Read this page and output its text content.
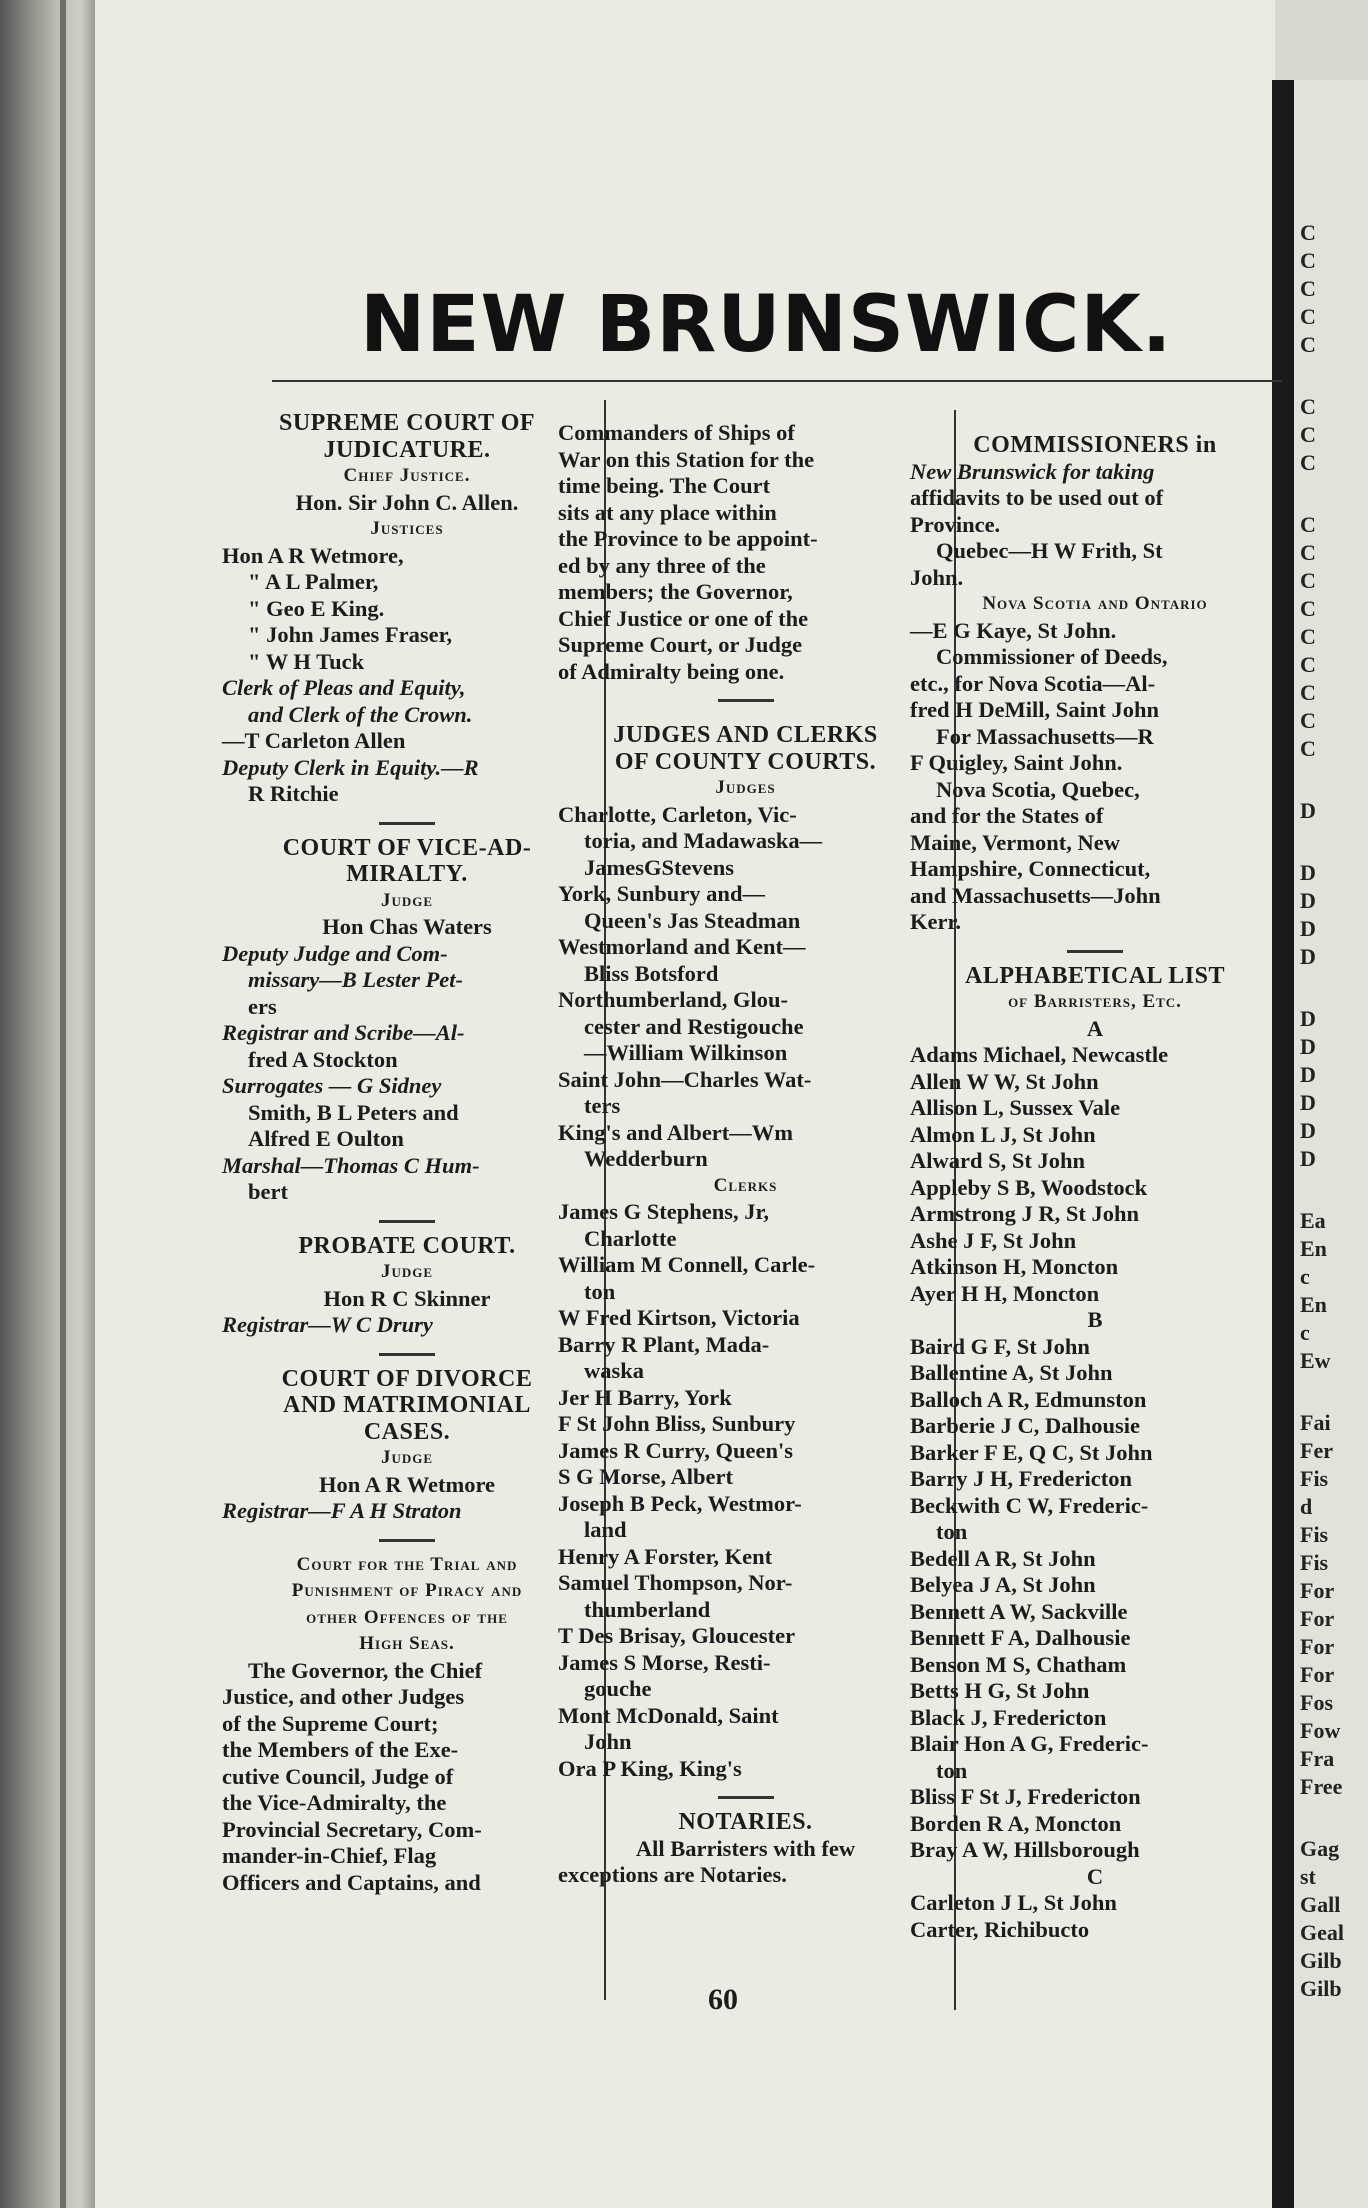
C
C
C
C
C
C
C
C
C
C
C
C
C
C
C
C
C
D
D
D
D
D
D
D
D
D
D
D
Ea
En
c
En
c
Ew
Fai
Fer
Fis
d
Fis
Fis
For
For
For
For
Fos
Fow
Fra
Free
Gag
st
Gall
Geal
Gilb
Gilb
NEW BRUNSWICK.
SUPREME COURT OF
JUDICATURE.
Chief Justice.
Hon. Sir John C. Allen.
Justices
Hon A R Wetmore,
" A L Palmer,
" Geo E King.
" John James Fraser,
" W H Tuck
Clerk of Pleas and Equity,
and Clerk of the Crown.
—T Carleton Allen
Deputy Clerk in Equity.—R
R Ritchie
COURT OF VICE-AD-
MIRALTY.
Judge
Hon Chas Waters
Deputy Judge and Com-
missary—B Lester Pet-
ers
Registrar and Scribe—Al-
fred A Stockton
Surrogates — G Sidney
Smith, B L Peters and
Alfred E Oulton
Marshal—Thomas C Hum-
bert
PROBATE COURT.
Judge
Hon R C Skinner
Registrar—W C Drury
COURT OF DIVORCE
AND MATRIMONIAL
CASES.
Judge
Hon A R Wetmore
Registrar—F A H Straton
Court for the Trial and
Punishment of Piracy and
other Offences of the
High Seas.
The Governor, the Chief
Justice, and other Judges
of the Supreme Court;
the Members of the Exe-
cutive Council, Judge of
the Vice-Admiralty, the
Provincial Secretary, Com-
mander-in-Chief, Flag
Officers and Captains, and
Commanders of Ships of
War on this Station for the
time being. The Court
sits at any place within
the Province to be appoint-
ed by any three of the
members; the Governor,
Chief Justice or one of the
Supreme Court, or Judge
of Admiralty being one.
JUDGES AND CLERKS
OF COUNTY COURTS.
Judges
Charlotte, Carleton, Vic-
toria, and Madawaska—
JamesGStevens
York, Sunbury and—
Queen's Jas Steadman
Westmorland and Kent—
Bliss Botsford
Northumberland, Glou-
cester and Restigouche
—William Wilkinson
Saint John—Charles Wat-
ters
King's and Albert—Wm
Wedderburn
Clerks
James G Stephens, Jr,
Charlotte
William M Connell, Carle-
ton
W Fred Kirtson, Victoria
Barry R Plant, Mada-
waska
Jer H Barry, York
F St John Bliss, Sunbury
James R Curry, Queen's
S G Morse, Albert
Joseph B Peck, Westmor-
land
Henry A Forster, Kent
Samuel Thompson, Nor-
thumberland
T Des Brisay, Gloucester
James S Morse, Resti-
gouche
Mont McDonald, Saint
John
Ora P King, King's
NOTARIES.
All Barristers with few
exceptions are Notaries.
COMMISSIONERS in
New Brunswick for taking
affidavits to be used out of
Province.
Quebec—H W Frith, St
John.
Nova Scotia and Ontario
—E G Kaye, St John.
Commissioner of Deeds,
etc., for Nova Scotia—Al-
fred H DeMill, Saint John
For Massachusetts—R
F Quigley, Saint John.
Nova Scotia, Quebec,
and for the States of
Maine, Vermont, New
Hampshire, Connecticut,
and Massachusetts—John
Kerr.
ALPHABETICAL LIST
of Barristers, Etc.
A
Adams Michael, Newcastle
Allen W W, St John
Allison L, Sussex Vale
Almon L J, St John
Alward S, St John
Appleby S B, Woodstock
Armstrong J R, St John
Ashe J F, St John
Atkinson H, Moncton
Ayer H H, Moncton
B
Baird G F, St John
Ballentine A, St John
Balloch A R, Edmunston
Barberie J C, Dalhousie
Barker F E, Q C, St John
Barry J H, Fredericton
Beckwith C W, Frederic-
ton
Bedell A R, St John
Belyea J A, St John
Bennett A W, Sackville
Bennett F A, Dalhousie
Benson M S, Chatham
Betts H G, St John
Black J, Fredericton
Blair Hon A G, Frederic-
ton
Bliss F St J, Fredericton
Borden R A, Moncton
Bray A W, Hillsborough
C
Carleton J L, St John
Carter, Richibucto
60
